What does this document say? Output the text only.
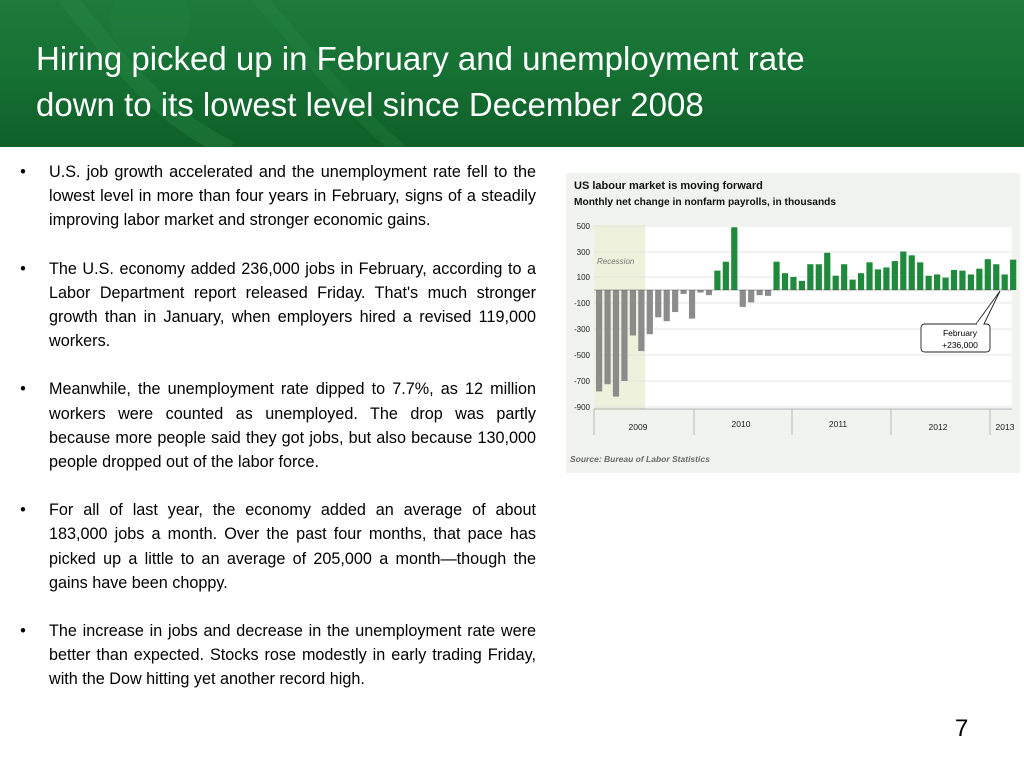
Hiring picked up in February and unemployment rate
down to its lowest level since December 2008
• U.S. job growth accelerated and the unemployment rate fell to the lowest level in more than four years in February, signs of a steadily improving labor market and stronger economic gains.
• The U.S. economy added 236,000 jobs in February, according to a Labor Department report released Friday. That's much stronger growth than in January, when employers hired a revised 119,000 workers.
• Meanwhile, the unemployment rate dipped to 7.7%, as 12 million workers were counted as unemployed. The drop was partly because more people said they got jobs, but also because 130,000 people dropped out of the labor force.
• For all of last year, the economy added an average of about 183,000 jobs a month. Over the past four months, that pace has picked up a little to an average of 205,000 a month—though the gains have been choppy.
• The increase in jobs and decrease in the unemployment rate were better than expected. Stocks rose modestly in early trading Friday, with the Dow hitting yet another record high.
Recession
500
300
100
-100
-300
-500
-700
-900
2009	2010	2011	2012	2013
February
+236,000
US labour market is moving forward
Monthly net change in nonfarm payrolls, in thousands
Source: Bureau of Labor Statistics
7
